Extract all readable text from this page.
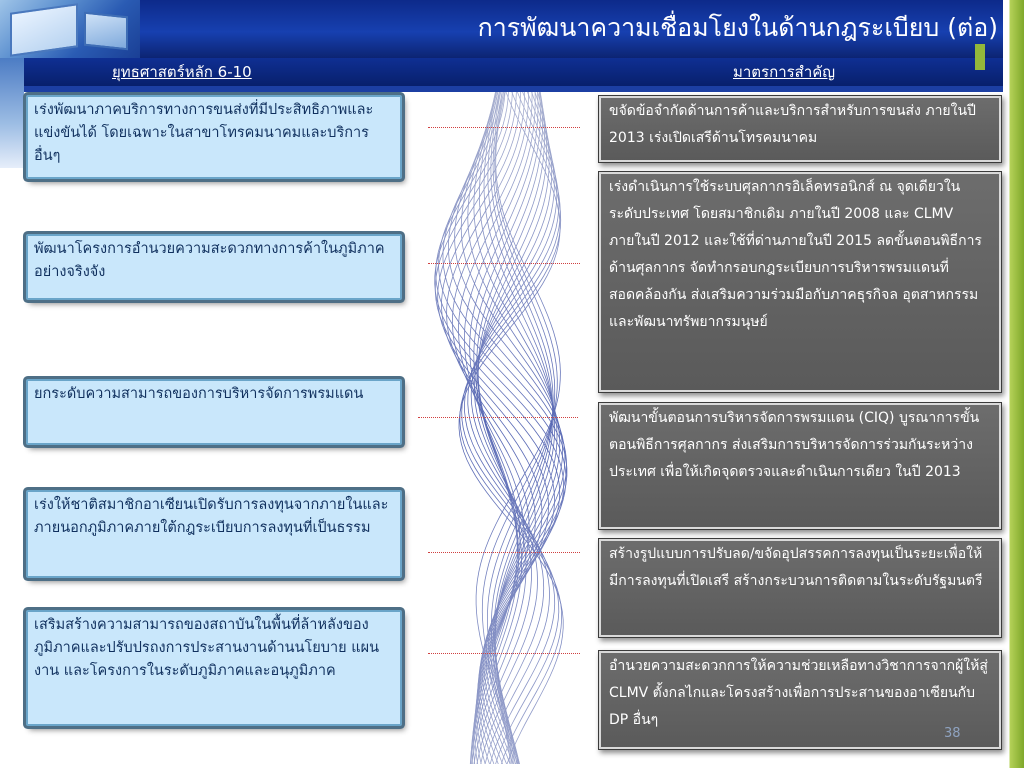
การพัฒนาความเชื่อมโยงในด้านกฎระเบียบ (ต่อ)
ยุทธศาสตร์หลัก 6-10	มาตรการสำคัญ
เร่งพัฒนาภาคบริการทางการขนส่งที่มีประสิทธิภาพและแข่งขันได้ โดยเฉพาะในสาขาโทรคมนาคมและบริการอื่นๆ
พัฒนาโครงการอำนวยความสะดวกทางการค้าในภูมิภาคอย่างจริงจัง
ยกระดับความสามารถของการบริหารจัดการพรมแดน
เร่งให้ชาติสมาชิกอาเซียนเปิดรับการลงทุนจากภายในและภายนอกภูมิภาคภายใต้กฎระเบียบการลงทุนที่เป็นธรรม
เสริมสร้างความสามารถของสถาบันในพื้นที่ล้าหลังของภูมิภาคและปรับปรถงการประสานงานด้านนโยบาย แผนงาน และโครงการในระดับภูมิภาคและอนุภูมิภาค
ขจัดข้อจำกัดด้านการค้าและบริการสำหรับการขนส่ง ภายในปี 2013 เร่งเปิดเสรีด้านโทรคมนาคม
เร่งดำเนินการใช้ระบบศุลกากรอิเล็คทรอนิกส์ ณ จุดเดียวในระดับประเทศ โดยสมาชิกเดิม ภายในปี 2008 และ CLMV ภายในปี 2012 และใช้ที่ด่านภายในปี 2015 ลดขั้นตอนพิธีการด้านศุลกากร จัดทำกรอบกฎระเบียบการบริหารพรมแดนที่สอดคล้องกัน ส่งเสริมความร่วมมือกับภาคธุรกิจล อุตสาหกรรม และพัฒนาทรัพยากรมนุษย์
พัฒนาขั้นตอนการบริหารจัดการพรมแดน (CIQ) บูรณาการขั้นตอนพิธีการศุลกากร ส่งเสริมการบริหารจัดการร่วมกันระหว่างประเทศ เพื่อให้เกิดจุดตรวจและดำเนินการเดียว ในปี 2013
สร้างรูปแบบการปรับลด/ขจัดอุปสรรคการลงทุนเป็นระยะเพื่อให้มีการลงทุนที่เปิดเสรี สร้างกระบวนการติดตามในระดับรัฐมนตรี
อำนวยความสะดวกการให้ความช่วยเหลือทางวิชาการจากผู้ให้สู่ CLMV ตั้งกลไกและโครงสร้างเพื่อการประสานของอาเซียนกับ DP อื่นๆ
38
